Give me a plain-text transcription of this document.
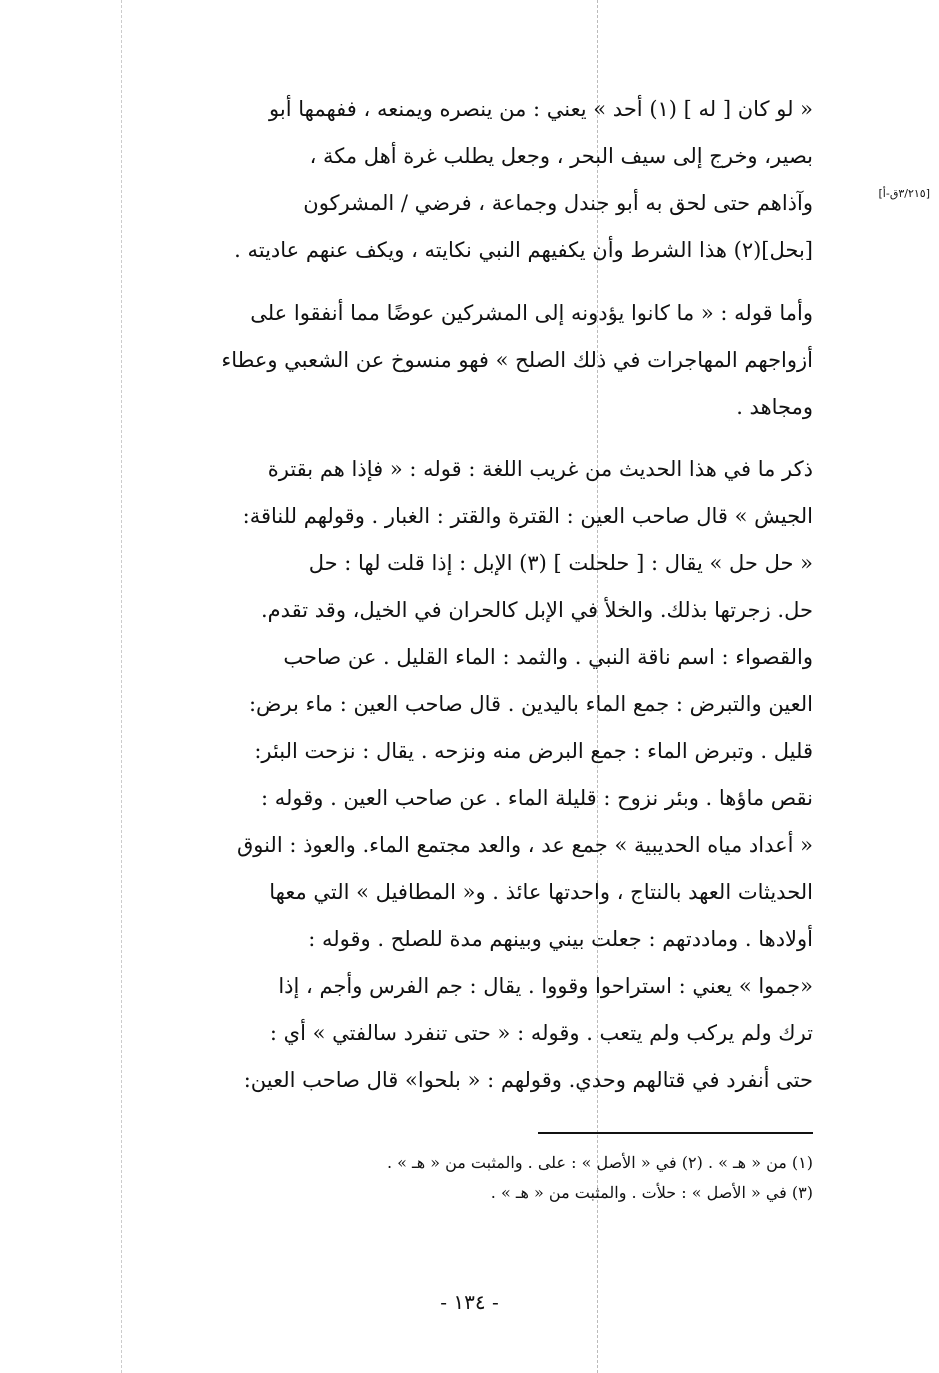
[٣/٢١٥ق-أ]
« لو كان [ له ] (١) أحد » يعني : من ينصره ويمنعه ، ففهمها أبو
بصير، وخرج إلى سيف البحر ، وجعل يطلب غرة أهل مكة ،
وآذاهم حتى لحق به أبو جندل وجماعة ، فرضي / المشركون
[بحل](٢) هذا الشرط وأن يكفيهم النبي نكايته ، ويكف عنهم عاديته .
وأما قوله : « ما كانوا يؤدونه إلى المشركين عوضًا مما أنفقوا على
أزواجهم المهاجرات في ذلك الصلح » فهو منسوخ عن الشعبي وعطاء
ومجاهد .
ذكر ما في هذا الحديث من غريب اللغة : قوله : « فإذا هم بقترة
الجيش » قال صاحب العين : القترة والقتر : الغبار . وقولهم للناقة:
« حل حل » يقال : [ حلحلت ] (٣) الإبل : إذا قلت لها : حل
حل. زجرتها بذلك. والخلأ في الإبل كالحران في الخيل، وقد تقدم.
والقصواء : اسم ناقة النبي . والثمد : الماء القليل . عن صاحب
العين والتبرض : جمع الماء باليدين . قال صاحب العين : ماء برض:
قليل . وتبرض الماء : جمع البرض منه ونزحه . يقال : نزحت البئر:
نقص ماؤها . وبئر نزوح : قليلة الماء . عن صاحب العين . وقوله :
« أعداد مياه الحديبية » جمع عد ، والعد مجتمع الماء. والعوذ : النوق
الحديثات العهد بالنتاج ، واحدتها عائذ . و« المطافيل » التي معها
أولادها . وماددتهم : جعلت بيني وبينهم مدة للصلح . وقوله :
«جموا » يعني : استراحوا وقووا . يقال : جم الفرس وأجم ، إذا
ترك ولم يركب ولم يتعب . وقوله : « حتى تنفرد سالفتي » أي :
حتى أنفرد في قتالهم وحدي. وقولهم : « بلحوا» قال صاحب العين:
(١) من « هـ » . (٢) في « الأصل » : على . والمثبت من « هـ » .
(٣) في « الأصل » : حلأت . والمثبت من « هـ » .
- ١٣٤ -
